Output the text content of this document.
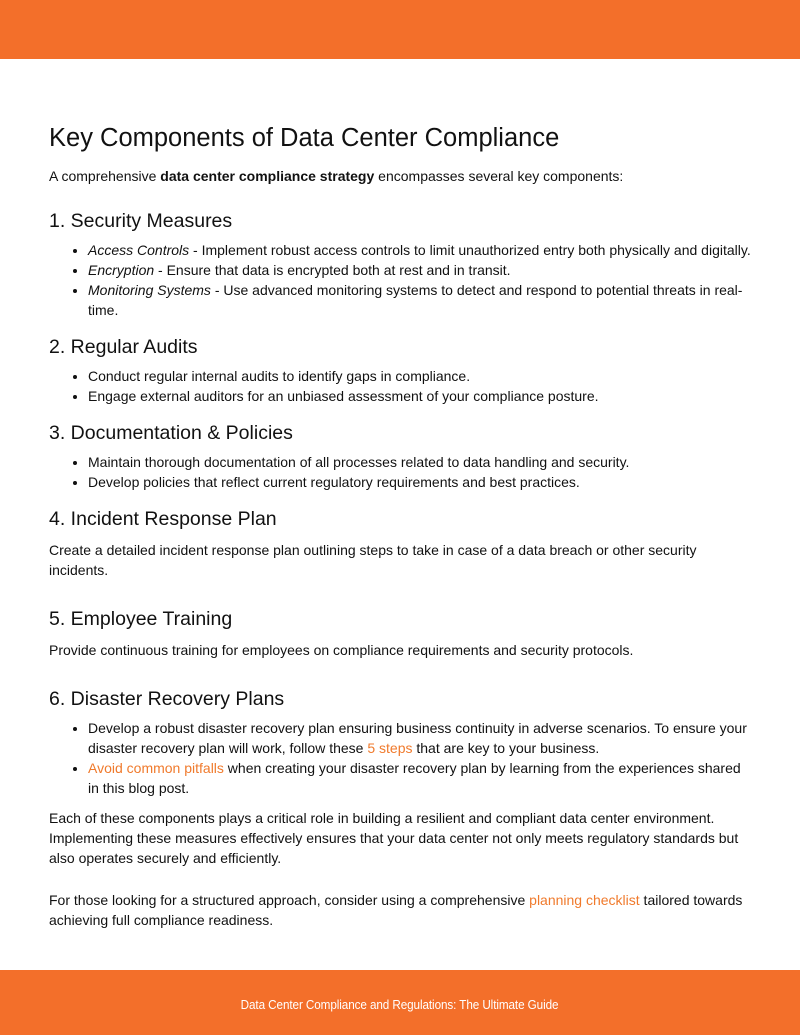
Key Components of Data Center Compliance

A comprehensive data center compliance strategy encompasses several key components:

1. Security Measures
• Access Controls - Implement robust access controls to limit unauthorized entry both physically and digitally.
• Encryption - Ensure that data is encrypted both at rest and in transit.
• Monitoring Systems - Use advanced monitoring systems to detect and respond to potential threats in real-time.
2. Regular Audits
• Conduct regular internal audits to identify gaps in compliance.
• Engage external auditors for an unbiased assessment of your compliance posture.
3. Documentation & Policies
• Maintain thorough documentation of all processes related to data handling and security.
• Develop policies that reflect current regulatory requirements and best practices.
4. Incident Response Plan

Create a detailed incident response plan outlining steps to take in case of a data breach or other security incidents.

5. Employee Training

Provide continuous training for employees on compliance requirements and security protocols.

6. Disaster Recovery Plans
• Develop a robust disaster recovery plan ensuring business continuity in adverse scenarios. To ensure your disaster recovery plan will work, follow these 5 steps that are key to your business.
• Avoid common pitfalls when creating your disaster recovery plan by learning from the experiences shared in this blog post.

Each of these components plays a critical role in building a resilient and compliant data center environment. Implementing these measures effectively ensures that your data center not only meets regulatory standards but also operates securely and efficiently.

For those looking for a structured approach, consider using a comprehensive planning checklist tailored towards achieving full compliance readiness.

Data Center Compliance and Regulations: The Ultimate Guide
